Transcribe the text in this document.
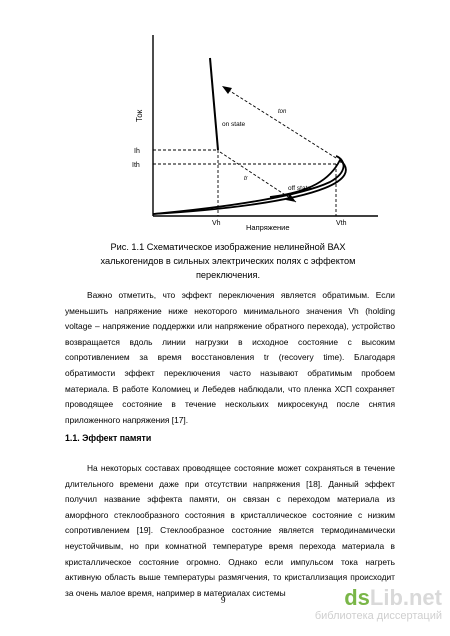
Ток
Напряжение
Ih
Ith
Vh	Vth
on state
off state
ton
tr
t
Рис. 1.1 Схематическое изображение нелинейной ВАХ халькогенидов в сильных электрических полях с эффектом переключения.
Важно отметить, что эффект переключения является обратимым. Если уменьшить напряжение ниже некоторого минимального значения Vh (holding voltage – напряжение поддержки или напряжение обратного перехода), устройство возвращается вдоль линии нагрузки в исходное состояние с высоким сопротивлением за время восстановления tr (recovery time). Благодаря обратимости эффект переключения часто называют обратимым пробоем материала. В работе Коломиец и Лебедев наблюдали, что пленка ХСП сохраняет проводящее состояние в течение нескольких микросекунд после снятия приложенного напряжения [17].
1.1. Эффект памяти
На некоторых составах проводящее состояние может сохраняться в течение длительного времени даже при отсутствии напряжения [18]. Данный эффект получил название эффекта памяти, он связан с переходом материала из аморфного стеклообразного состояния в кристаллическое состояние с низким сопротивлением [19]. Стеклообразное состояние является термодинамически неустойчивым, но при комнатной температуре время перехода материала в кристаллическое состояние огромно. Однако если импульсом тока нагреть активную область выше температуры размягчения, то кристаллизация происходит за очень малое время, например в материалах системы
9	dsLib.net
библиотека диссертаций
